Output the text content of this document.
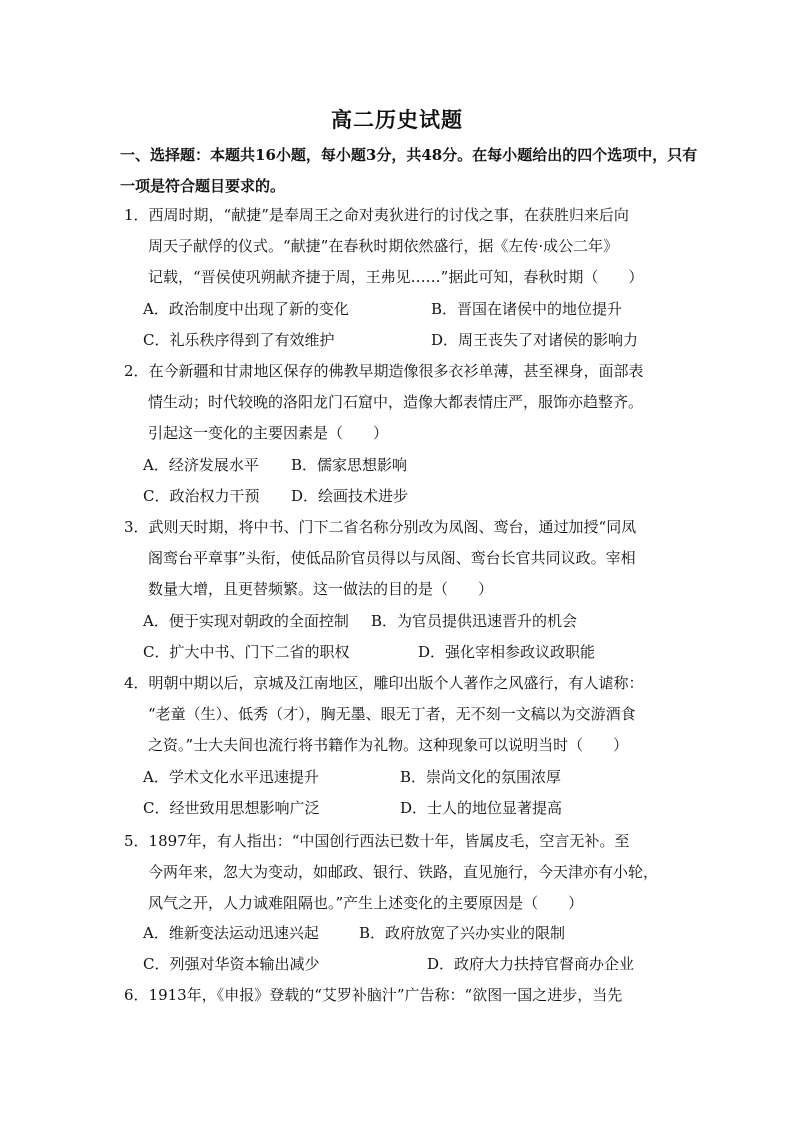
高二历史试题
一、选择题：本题共16小题，每小题3分，共48分。在每小题给出的四个选项中，只有
一项是符合题目要求的。
1．西周时期，“献捷”是奉周王之命对夷狄进行的讨伐之事，在获胜归来后向
周天子献俘的仪式。“献捷”在春秋时期依然盛行，据《左传·成公二年》
记载，“晋侯使巩朔献齐捷于周，王弗见……”据此可知，春秋时期（　　）
A．政治制度中出现了新的变化	B．晋国在诸侯中的地位提升
C．礼乐秩序得到了有效维护	D．周王丧失了对诸侯的影响力
2．在今新疆和甘肃地区保存的佛教早期造像很多衣衫单薄，甚至裸身，面部表
情生动；时代较晚的洛阳龙门石窟中，造像大都表情庄严，服饰亦趋整齐。
引起这一变化的主要因素是（　　）
A．经济发展水平 B．儒家思想影响
C．政治权力干预 D．绘画技术进步
3．武则天时期，将中书、门下二省名称分别改为凤阁、鸾台，通过加授“同凤
阁鸾台平章事”头衔，使低品阶官员得以与凤阁、鸾台长官共同议政。宰相
数量大增，且更替频繁。这一做法的目的是（　　）
A．便于实现对朝政的全面控制 B．为官员提供迅速晋升的机会
C．扩大中书、门下二省的职权	D．强化宰相参政议政职能
4．明朝中期以后，京城及江南地区，雕印出版个人著作之风盛行，有人谑称：
“老童（生）、低秀（才），胸无墨、眼无丁者，无不刻一文稿以为交游酒食
之资。”士大夫间也流行将书籍作为礼物。这种现象可以说明当时（　　）
A．学术文化水平迅速提升	B．崇尚文化的氛围浓厚
C．经世致用思想影响广泛	D．士人的地位显著提高
5．1897年，有人指出：“中国创行西法已数十年，皆属皮毛，空言无补。至
今两年来，忽大为变动，如邮政、银行、铁路，直见施行，今天津亦有小轮，
风气之开，人力诚难阻隔也。”产生上述变化的主要原因是（　　）
A．维新变法运动迅速兴起	B．政府放宽了兴办实业的限制
C．列强对华资本输出减少	D．政府大力扶持官督商办企业
6．1913年，《申报》登载的“艾罗补脑汁”广告称：“欲图一国之进步，当先
